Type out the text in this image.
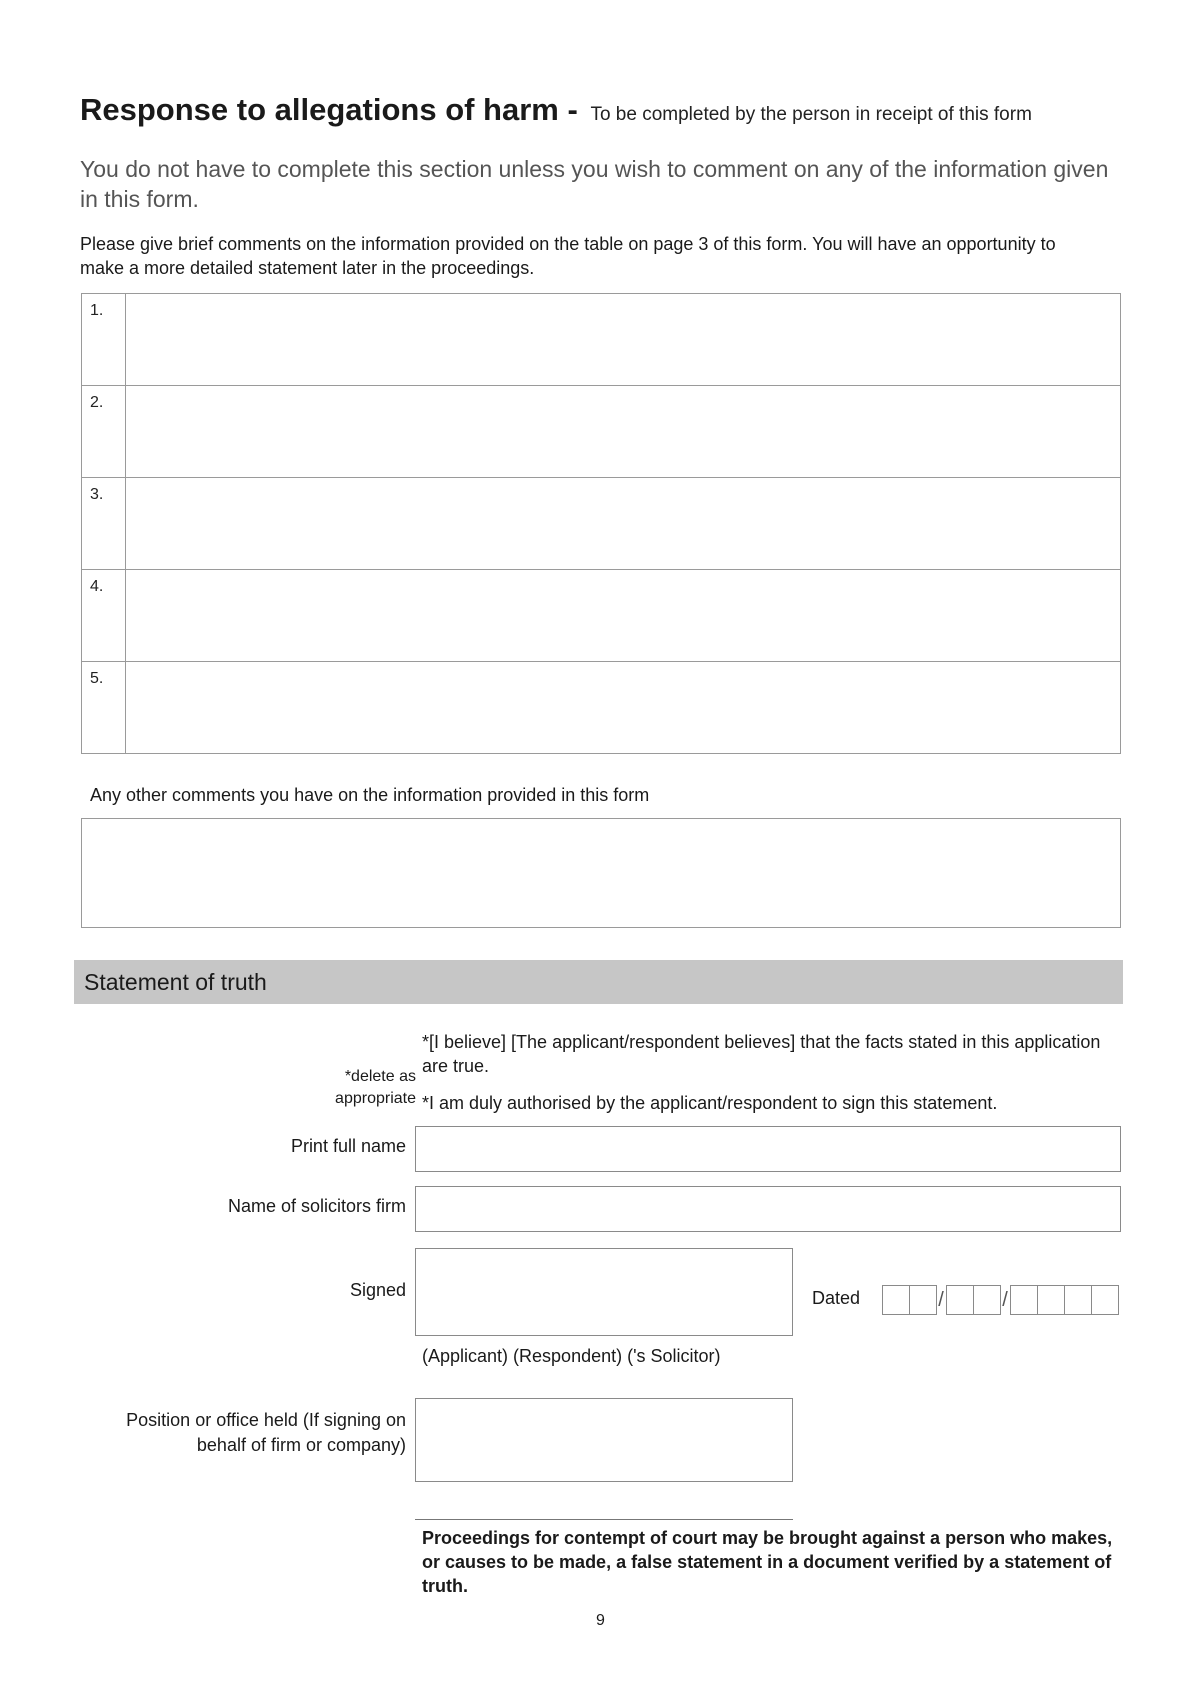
Response to allegations of harm - To be completed by the person in receipt of this form
You do not have to complete this section unless you wish to comment on any of the information given in this form.
Please give brief comments on the information provided on the table on page 3 of this form. You will have an opportunity to make a more detailed statement later in the proceedings.
1.	
2.	
3.	
4.	
5.	
Any other comments you have on the information provided in this form
Statement of truth
*[I believe] [The applicant/respondent believes] that the facts stated in this application are true.
*delete as appropriate *I am duly authorised by the applicant/respondent to sign this statement.
Print full name
Name of solicitors firm
Signed
(Applicant) (Respondent) ('s Solicitor)
Dated	/	/
Position or office held (If signing on behalf of firm or company)
Proceedings for contempt of court may be brought against a person who makes, or causes to be made, a false statement in a document verified by a statement of truth.
9
